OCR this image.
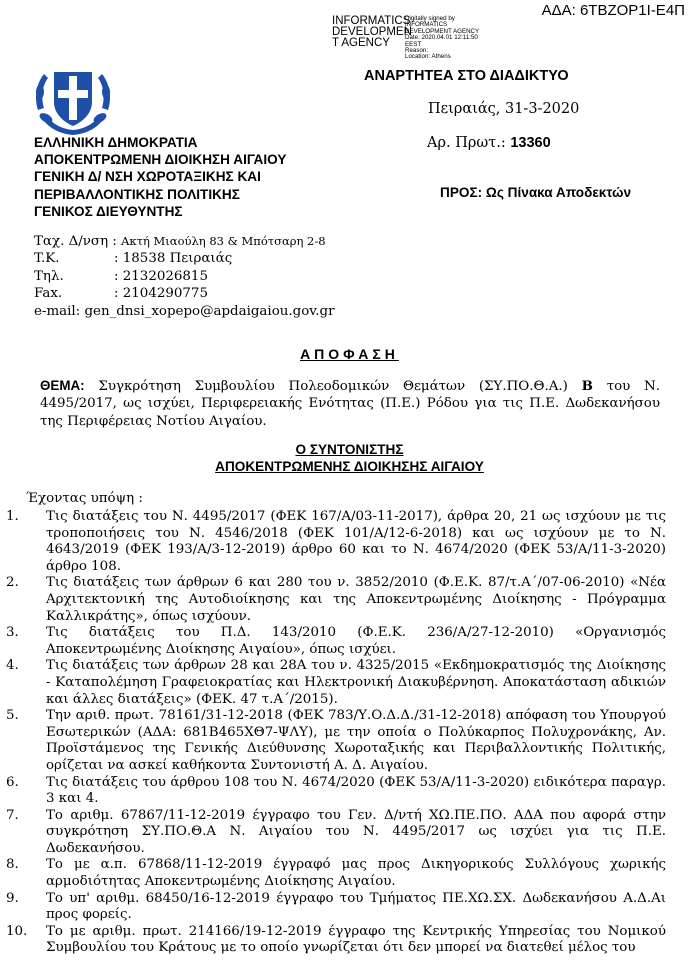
ΑΔΑ: 6ΤΒΖΟΡ1Ι-Ε4Π
INFORMATICS
DEVELOPMEN
T AGENCY
Digitally signed by
INFORMATICS
DEVELOPMENT AGENCY
Date: 2020.04.01 12:11:50
EEST
Reason:
Location: Athens
ΑΝΑΡΤΗΤΕΑ ΣΤΟ ΔΙΑΔΙΚΤΥΟ
Πειραιάς, 31-3-2020
Αρ. Πρωτ.: 13360
ΕΛΛΗΝΙΚΗ ΔΗΜΟΚΡΑΤΙΑ
ΑΠΟΚΕΝΤΡΩΜΕΝΗ ΔΙΟΙΚΗΣΗ ΑΙΓΑΙΟΥ
ΓΕΝΙΚΗ Δ/ ΝΣΗ ΧΩΡΟΤΑΞΙΚΗΣ ΚΑΙ
ΠΕΡΙΒΑΛΛΟΝΤΙΚΗΣ ΠΟΛΙΤΙΚΗΣ
ΓΕΝΙΚΟΣ ΔΙΕΥΘΥΝΤΗΣ
ΠΡΟΣ: Ως Πίνακα Αποδεκτών
Ταχ. Δ/νση : Ακτή Μιαούλη 83 & Μπότσαρη 2-8
T.K.	: 18538 Πειραιάς
Τηλ.	: 2132026815
Fax.	: 2104290775
e-mail: gen_dnsi_xopepo@apdaigaiou.gov.gr
ΑΠΟΦΑΣΗ
ΘΕΜΑ: Συγκρότηση Συμβουλίου Πολεοδομικών Θεμάτων (ΣΥ.ΠΟ.Θ.Α.) Β του Ν. 4495/2017, ως ισχύει, Περιφερειακής Ενότητας (Π.Ε.) Ρόδου για τις Π.Ε. Δωδεκανήσου της Περιφέρειας Νοτίου Αιγαίου.
Ο ΣΥΝΤΟΝΙΣΤΗΣ
ΑΠΟΚΕΝΤΡΩΜΕΝΗΣ ΔΙΟΙΚΗΣΗΣ ΑΙΓΑΙΟΥ
Έχοντας υπόψη :
1. Τις διατάξεις του Ν. 4495/2017 (ΦΕΚ 167/Α/03-11-2017), άρθρα 20, 21 ως ισχύουν με τις τροποποιήσεις του Ν. 4546/2018 (ΦΕΚ 101/Α/12-6-2018) και ως ισχύουν με το Ν. 4643/2019 (ΦΕΚ 193/Α/3-12-2019) άρθρο 60 και το Ν. 4674/2020 (ΦΕΚ 53/Α/11-3-2020) άρθρο 108.
2. Τις διατάξεις των άρθρων 6 και 280 του ν. 3852/2010 (Φ.Ε.Κ. 87/τ.Α΄/07-06-2010) «Νέα Αρχιτεκτονική της Αυτοδιοίκησης και της Αποκεντρωμένης Διοίκησης - Πρόγραμμα Καλλικράτης», όπως ισχύουν.
3. Τις διατάξεις του Π.Δ. 143/2010 (Φ.Ε.Κ. 236/Α/27-12-2010) «Οργανισμός Αποκεντρωμένης Διοίκησης Αιγαίου», όπως ισχύει.
4. Τις διατάξεις των άρθρων 28 και 28Α του ν. 4325/2015 «Εκδημοκρατισμός της Διοίκησης - Καταπολέμηση Γραφειοκρατίας και Ηλεκτρονική Διακυβέρνηση. Αποκατάσταση αδικιών και άλλες διατάξεις» (ΦΕΚ. 47 τ.Α΄/2015).
5. Την αριθ. πρωτ. 78161/31-12-2018 (ΦΕΚ 783/Υ.Ο.Δ.Δ./31-12-2018) απόφαση του Υπουργού Εσωτερικών (ΑΔΑ: 681Β465ΧΘ7-ΨΛΥ), με την οποία ο Πολύκαρπος Πολυχρονάκης, Αν. Προϊστάμενος της Γενικής Διεύθυνσης Χωροταξικής και Περιβαλλοντικής Πολιτικής, ορίζεται να ασκεί καθήκοντα Συντονιστή Α. Δ. Αιγαίου.
6. Τις διατάξεις του άρθρου 108 του Ν. 4674/2020 (ΦΕΚ 53/Α/11-3-2020) ειδικότερα παραγρ. 3 και 4.
7. Το αριθμ. 67867/11-12-2019 έγγραφο του Γεν. Δ/ντή ΧΩ.ΠΕ.ΠΟ. ΑΔΑ που αφορά στην συγκρότηση ΣΥ.ΠΟ.Θ.Α Ν. Αιγαίου του Ν. 4495/2017 ως ισχύει για τις Π.Ε. Δωδεκανήσου.
8. Το με α.π. 67868/11-12-2019 έγγραφό μας προς Δικηγορικούς Συλλόγους χωρικής αρμοδιότητας Αποκεντρωμένης Διοίκησης Αιγαίου.
9. Το υπ' αριθμ. 68450/16-12-2019 έγγραφο του Τμήματος ΠΕ.ΧΩ.ΣΧ. Δωδεκανήσου Α.Δ.Αι προς φορείς.
10. Το με αριθμ. πρωτ. 214166/19-12-2019 έγγραφο της Κεντρικής Υπηρεσίας του Νομικού Συμβουλίου του Κράτους με το οποίο γνωρίζεται ότι δεν μπορεί να διατεθεί μέλος του
